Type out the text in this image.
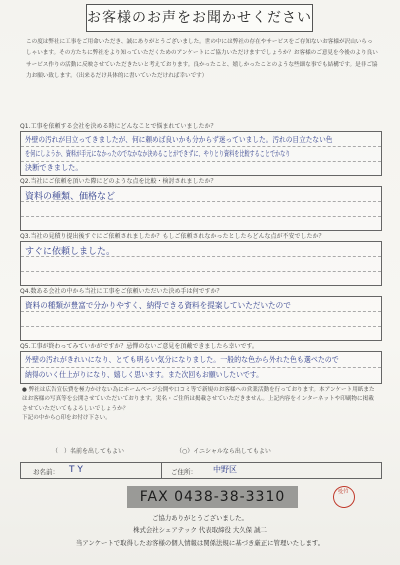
お客様のお声をお聞かせください
この度は弊社に工事をご用命いただき、誠にありがとうございました。世の中には弊社の存在やサービスをご存知ないお客様が沢山いらっしゃいます。その方たちに弊社をより知っていただくためのアンケートにご協力いただけますでしょうか？お客様のご意見を今後のより良いサービス作りの活動に反映させていただきたいと考えております。良かったこと、嬉しかったことのような些細な事でも結構です。是非ご協力お願い致します。（出来るだけ具体的に書いていただければ幸いです）
Q1.工事を依頼する会社を決める時にどんなことで悩まれていましたか？
外壁の汚れが目立ってきましたが、何に頼めば良いかも分からず迷っていました。汚れの目立たない色
を何にしようか、資料が手元になかったのでなかなか決めることができずに、やりとり資料を比較することでかなり
決断できました。
Q2.当社にご依頼を頂いた際にどのような点を比較・検討されましたか？
資料の種類、価格など
Q3.当社の見積り提出後すぐにご依頼されましたか？もしご依頼されなかったとしたらどんな点が不安でしたか？
すぐに依頼しました。
Q4.数ある会社の中から当社に工事をご依頼いただいた決め手は何ですか？
資料の種類が豊富で分かりやすく、納得できる資料を提案していただいたので
Q5.工事が終わってみていかがですか？忌憚のないご意見を頂戴できましたら幸いです。
外壁の汚れがきれいになり、とても明るい気分になりました。一般的な色から外れた色も選べたので
納得のいく仕上がりになり、嬉しく思います。また次回もお願いしたいです。
● 弊社は広告宣伝費を極力かけない為にホームページ公開や口コミ等で新規のお客様への営業活動を行っております。本アンケート用紙またはお客様の写真等を公開させていただいております。実名・ご住所は掲載させていただきません。上記内容をインターネットや印刷物に掲載させていただいてもよろしいでしょうか？
下記の中から○印をお付け下さい。
（　）名前を出してもよい	（○）イニシャルなら出してもよい
お名前： T Y	ご住所： 中野区
FAX 0438-38-3310	受付
ご協力ありがとうございました。
株式会社シェアテック 代表取締役 大久保 誠二
当アンケートで取得したお客様の個人情報は関係法規に基づき厳正に管理いたします。
